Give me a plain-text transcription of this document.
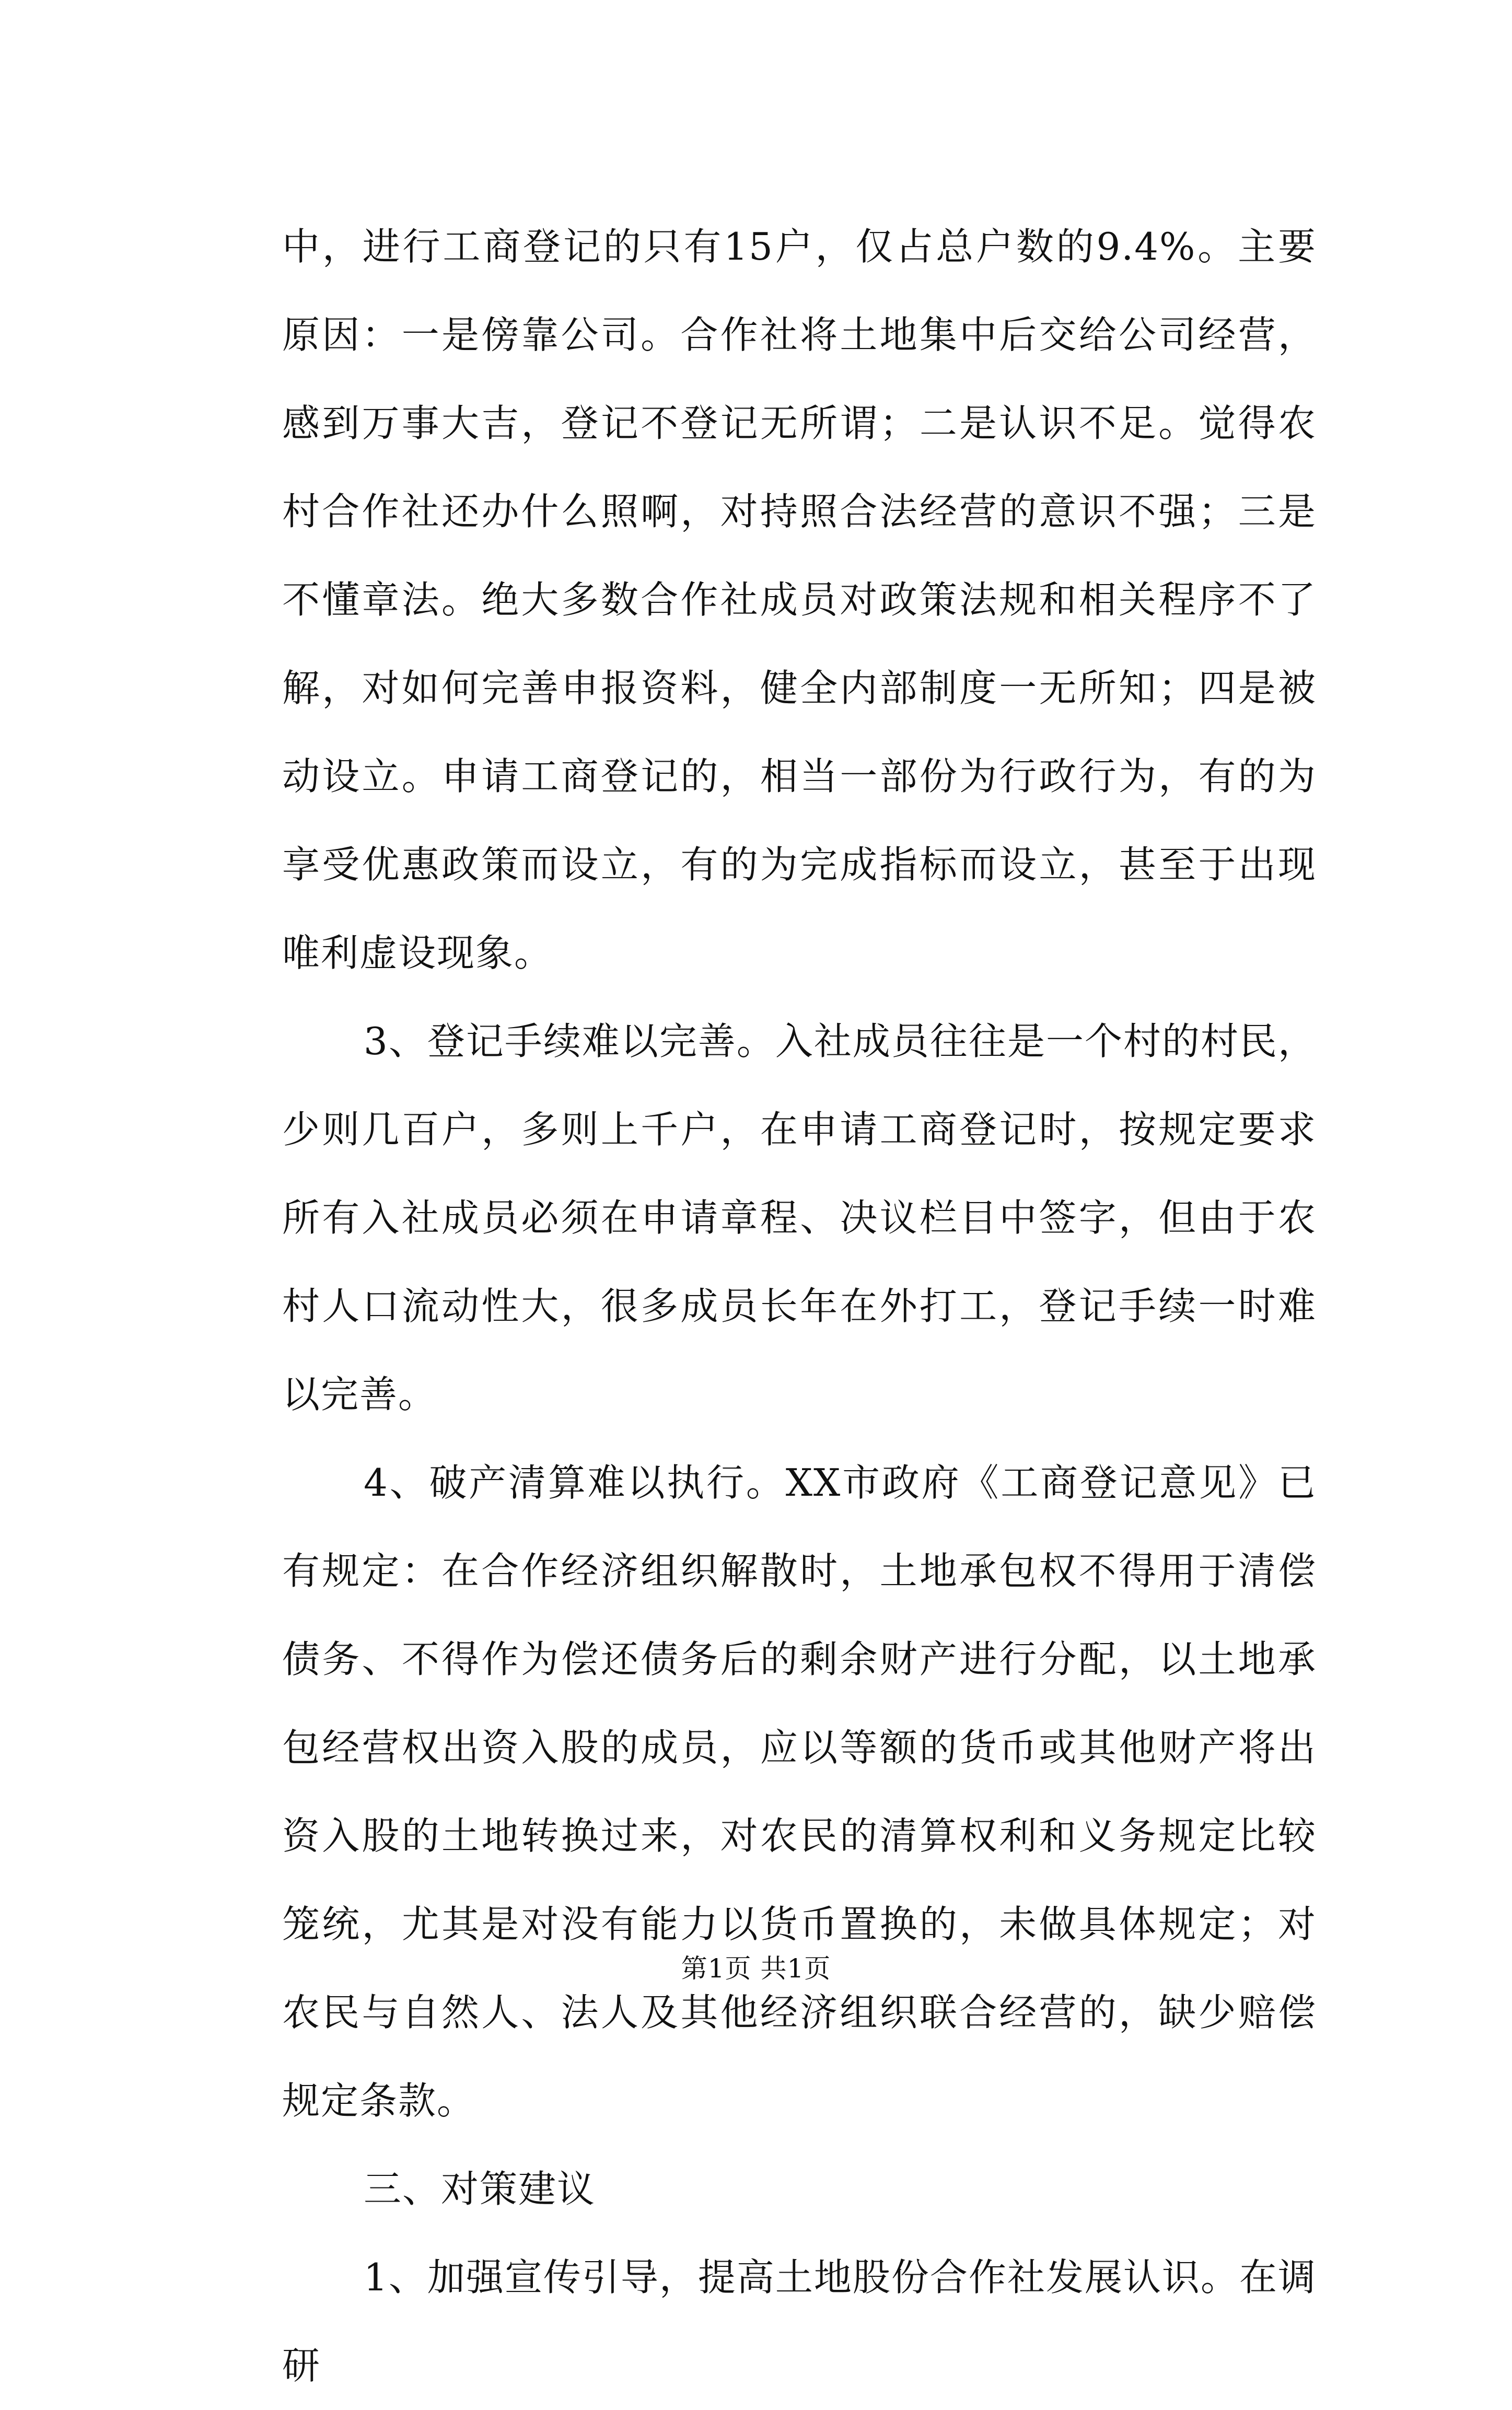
中，进行工商登记的只有15户，仅占总户数的9.4%。主要原因：一是傍靠公司。合作社将土地集中后交给公司经营，感到万事大吉，登记不登记无所谓；二是认识不足。觉得农村合作社还办什么照啊，对持照合法经营的意识不强；三是不懂章法。绝大多数合作社成员对政策法规和相关程序不了解，对如何完善申报资料，健全内部制度一无所知；四是被动设立。申请工商登记的，相当一部份为行政行为，有的为享受优惠政策而设立，有的为完成指标而设立，甚至于出现唯利虚设现象。

3、登记手续难以完善。入社成员往往是一个村的村民，少则几百户，多则上千户，在申请工商登记时，按规定要求所有入社成员必须在申请章程、决议栏目中签字，但由于农村人口流动性大，很多成员长年在外打工，登记手续一时难以完善。

4、破产清算难以执行。XX市政府《工商登记意见》已有规定：在合作经济组织解散时，土地承包权不得用于清偿债务、不得作为偿还债务后的剩余财产进行分配，以土地承包经营权出资入股的成员，应以等额的货币或其他财产将出资入股的土地转换过来，对农民的清算权利和义务规定比较笼统，尤其是对没有能力以货币置换的，未做具体规定；对农民与自然人、法人及其他经济组织联合经营的，缺少赔偿规定条款。

三、对策建议

1、加强宣传引导，提高土地股份合作社发展认识。在调研

第1页 共1页
